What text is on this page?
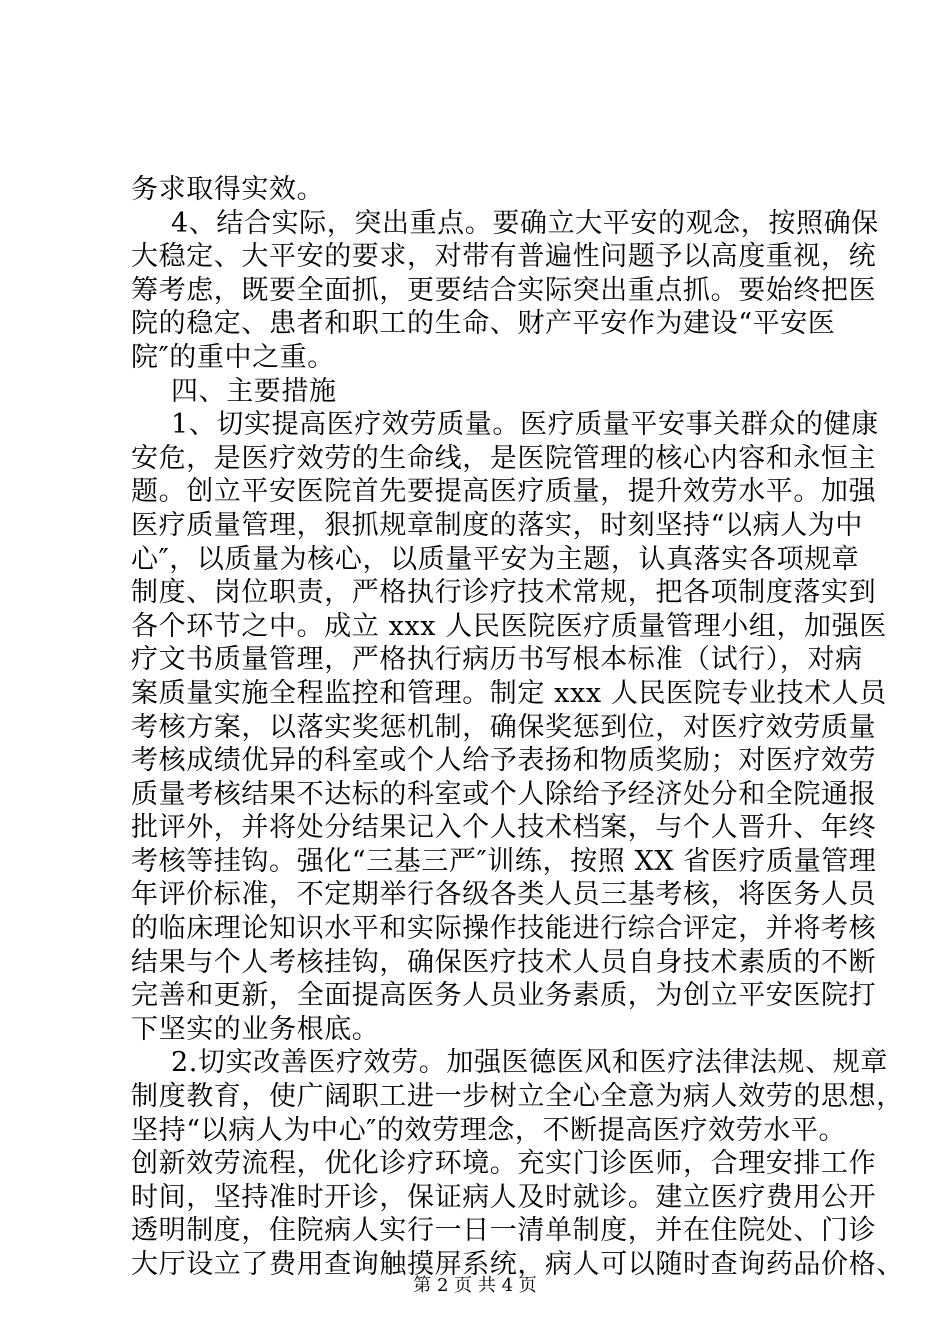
务求取得实效。
4、结合实际，突出重点。要确立大平安的观念，按照确保
大稳定、大平安的要求，对带有普遍性问题予以高度重视，统
筹考虑，既要全面抓，更要结合实际突出重点抓。要始终把医
院的稳定、患者和职工的生命、财产平安作为建设“平安医
院″的重中之重。
四、主要措施
1、切实提高医疗效劳质量。医疗质量平安事关群众的健康
安危，是医疗效劳的生命线，是医院管理的核心内容和永恒主
题。创立平安医院首先要提高医疗质量，提升效劳水平。加强
医疗质量管理，狠抓规章制度的落实，时刻坚持“以病人为中
心″，以质量为核心，以质量平安为主题，认真落实各项规章
制度、岗位职责，严格执行诊疗技术常规，把各项制度落实到
各个环节之中。成立 xxx 人民医院医疗质量管理小组，加强医
疗文书质量管理，严格执行病历书写根本标准（试行），对病
案质量实施全程监控和管理。制定 xxx 人民医院专业技术人员
考核方案，以落实奖惩机制，确保奖惩到位，对医疗效劳质量
考核成绩优异的科室或个人给予表扬和物质奖励；对医疗效劳
质量考核结果不达标的科室或个人除给予经济处分和全院通报
批评外，并将处分结果记入个人技术档案，与个人晋升、年终
考核等挂钩。强化“三基三严″训练，按照 XX 省医疗质量管理
年评价标准，不定期举行各级各类人员三基考核，将医务人员
的临床理论知识水平和实际操作技能进行综合评定，并将考核
结果与个人考核挂钩，确保医疗技术人员自身技术素质的不断
完善和更新，全面提高医务人员业务素质，为创立平安医院打
下坚实的业务根底。
2.切实改善医疗效劳。加强医德医风和医疗法律法规、规章
制度教育，使广阔职工进一步树立全心全意为病人效劳的思想，
坚持“以病人为中心″的效劳理念，不断提高医疗效劳水平。
创新效劳流程，优化诊疗环境。充实门诊医师，合理安排工作
时间，坚持准时开诊，保证病人及时就诊。建立医疗费用公开
透明制度，住院病人实行一日一清单制度，并在住院处、门诊
大厅设立了费用查询触摸屏系统，病人可以随时查询药品价格、
第 2 页 共 4 页
